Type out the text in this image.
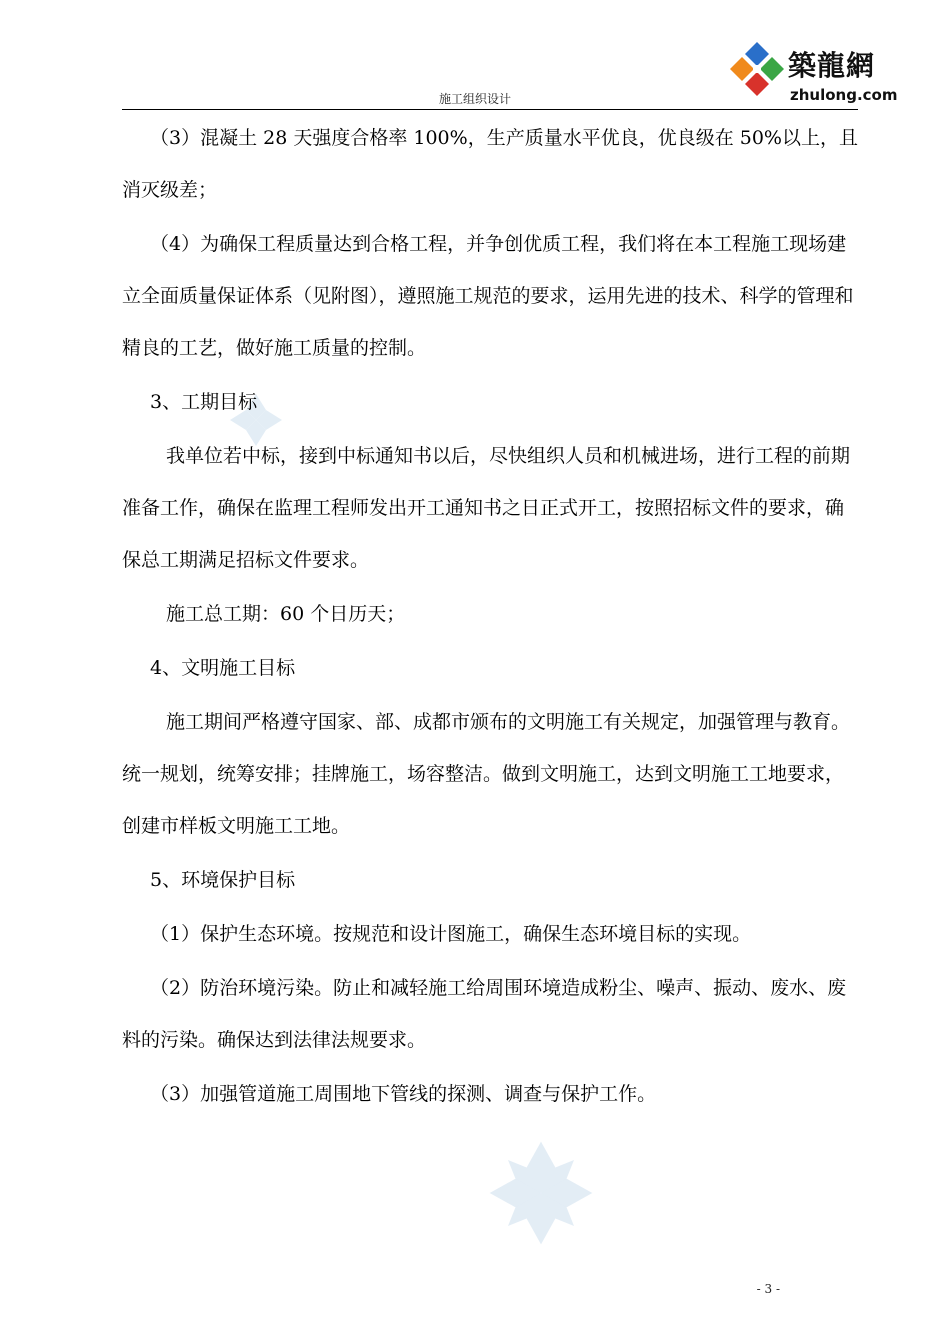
施工组织设计
築龍網
zhulong.com

（3）混凝土 28 天强度合格率 100%，生产质量水平优良，优良级在 50%以上，且消灭级差；

（4）为确保工程质量达到合格工程，并争创优质工程，我们将在本工程施工现场建立全面质量保证体系（见附图），遵照施工规范的要求，运用先进的技术、科学的管理和精良的工艺，做好施工质量的控制。

3、工期目标

我单位若中标，接到中标通知书以后，尽快组织人员和机械进场，进行工程的前期准备工作，确保在监理工程师发出开工通知书之日正式开工，按照招标文件的要求，确保总工期满足招标文件要求。

施工总工期：60 个日历天；

4、文明施工目标

施工期间严格遵守国家、部、成都市颁布的文明施工有关规定，加强管理与教育。统一规划，统筹安排；挂牌施工，场容整洁。做到文明施工，达到文明施工工地要求，创建市样板文明施工工地。

5、环境保护目标

（1）保护生态环境。按规范和设计图施工，确保生态环境目标的实现。

（2）防治环境污染。防止和减轻施工给周围环境造成粉尘、噪声、振动、废水、废料的污染。确保达到法律法规要求。

（3）加强管道施工周围地下管线的探测、调查与保护工作。

- 3 -
